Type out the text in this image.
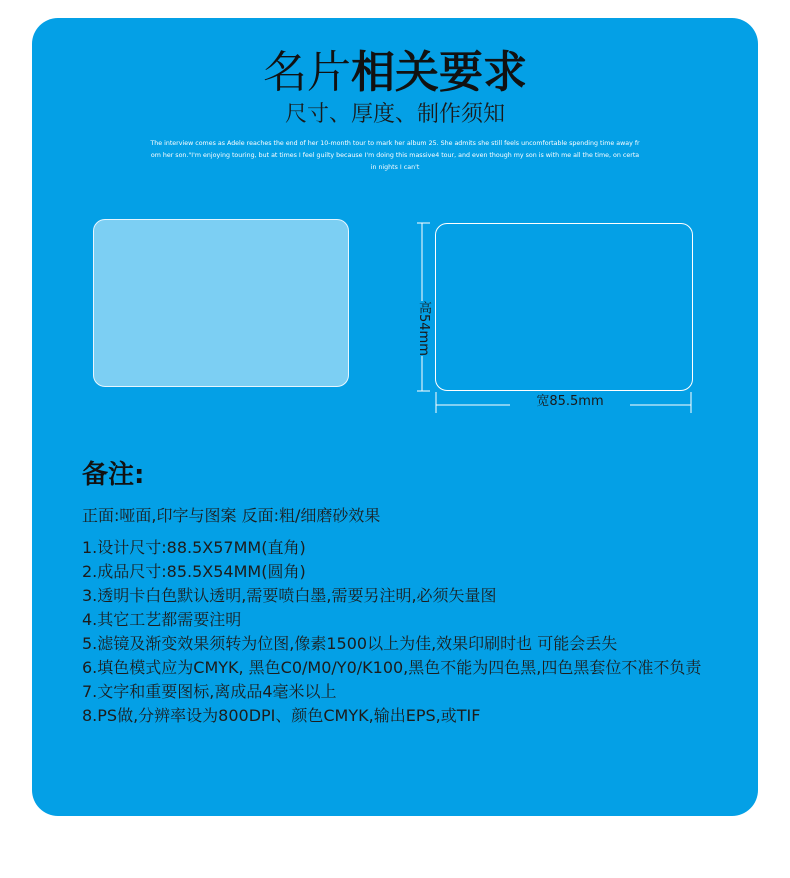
名片相关要求
尺寸、厚度、制作须知
The interview comes as Adele reaches the end of her 10-month tour to mark her album 25. She admits she still feels uncomfortable spending time away from her son."I'm enjoying touring, but at times I feel guilty because I'm doing this massive4 tour, and even though my son is with me all the time, on certain nights I can't
高54mm
宽85.5mm
备注:
正面:哑面,印字与图案 反面:粗/细磨砂效果
1.设计尺寸:88.5X57MM(直角)
2.成品尺寸:85.5X54MM(圆角)
3.透明卡白色默认透明,需要喷白墨,需要另注明,必须矢量图
4.其它工艺都需要注明
5.滤镜及渐变效果须转为位图,像素1500以上为佳,效果印刷时也 可能会丢失
6.填色模式应为CMYK, 黑色C0/M0/Y0/K100,黑色不能为四色黑,四色黑套位不准不负责
7.文字和重要图标,离成品4毫米以上
8.PS做,分辨率设为800DPI、颜色CMYK,输出EPS,或TIF
